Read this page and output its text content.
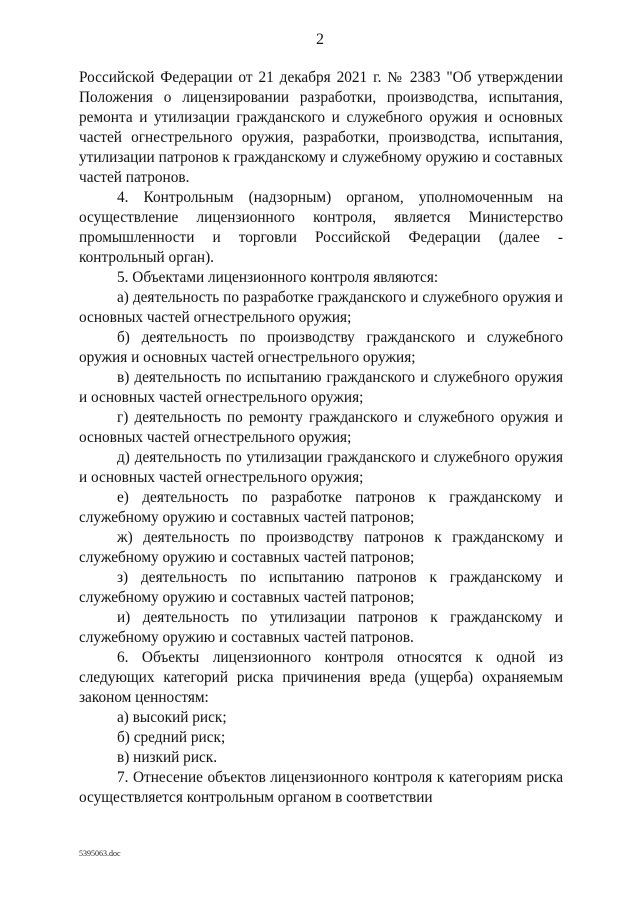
2

Российской Федерации от 21 декабря 2021 г. № 2383 "Об утверждении Положения о лицензировании разработки, производства, испытания, ремонта и утилизации гражданского и служебного оружия и основных частей огнестрельного оружия, разработки, производства, испытания, утилизации патронов к гражданскому и служебному оружию и составных частей патронов.

4. Контрольным (надзорным) органом, уполномоченным на осуществление лицензионного контроля, является Министерство промышленности и торговли Российской Федерации (далее - контрольный орган).

5. Объектами лицензионного контроля являются:

а) деятельность по разработке гражданского и служебного оружия и основных частей огнестрельного оружия;

б) деятельность по производству гражданского и служебного оружия и основных частей огнестрельного оружия;

в) деятельность по испытанию гражданского и служебного оружия и основных частей огнестрельного оружия;

г) деятельность по ремонту гражданского и служебного оружия и основных частей огнестрельного оружия;

д) деятельность по утилизации гражданского и служебного оружия и основных частей огнестрельного оружия;

е) деятельность по разработке патронов к гражданскому и служебному оружию и составных частей патронов;

ж) деятельность по производству патронов к гражданскому и служебному оружию и составных частей патронов;

з) деятельность по испытанию патронов к гражданскому и служебному оружию и составных частей патронов;

и) деятельность по утилизации патронов к гражданскому и служебному оружию и составных частей патронов.

6. Объекты лицензионного контроля относятся к одной из следующих категорий риска причинения вреда (ущерба) охраняемым законом ценностям:

а) высокий риск;

б) средний риск;

в) низкий риск.

7. Отнесение объектов лицензионного контроля к категориям риска осуществляется контрольным органом в соответствии

5395063.doc
